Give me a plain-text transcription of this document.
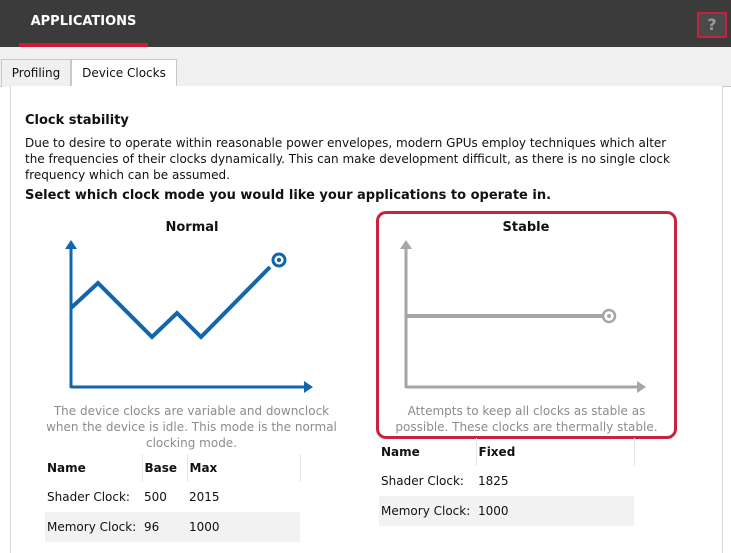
APPLICATIONS	?
Profiling	Device Clocks
Clock stability
Due to desire to operate within reasonable power envelopes, modern GPUs employ techniques which alter the frequencies of their clocks dynamically. This can make development difficult, as there is no single clock frequency which can be assumed.
Select which clock mode you would like your applications to operate in.
Normal
The device clocks are variable and downclock when the device is idle. This mode is the normal clocking mode.
Stable
Attempts to keep all clocks as stable as possible. These clocks are thermally stable.
Name	Base	Max
Shader Clock:	500	2015
Memory Clock:	96	1000
Name	Fixed
Shader Clock:	1825
Memory Clock:	1000
